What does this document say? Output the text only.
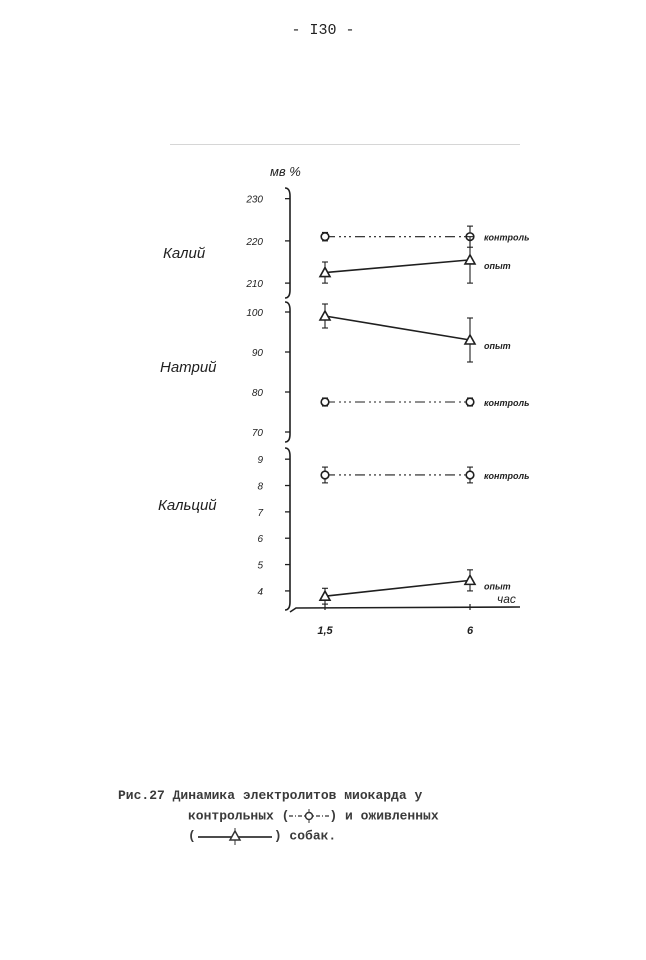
- I30 -
мв %
230
220
210
Калий
контроль
опыт
100
90
80
70
Натрий
опыт
контроль
9
8
7
6
5
4
Кальций
контроль
опыт
1,5	6
час
Рис.27 Динамика электролитов миокарда у
контрольных (	) и оживленных
(	) собак.
